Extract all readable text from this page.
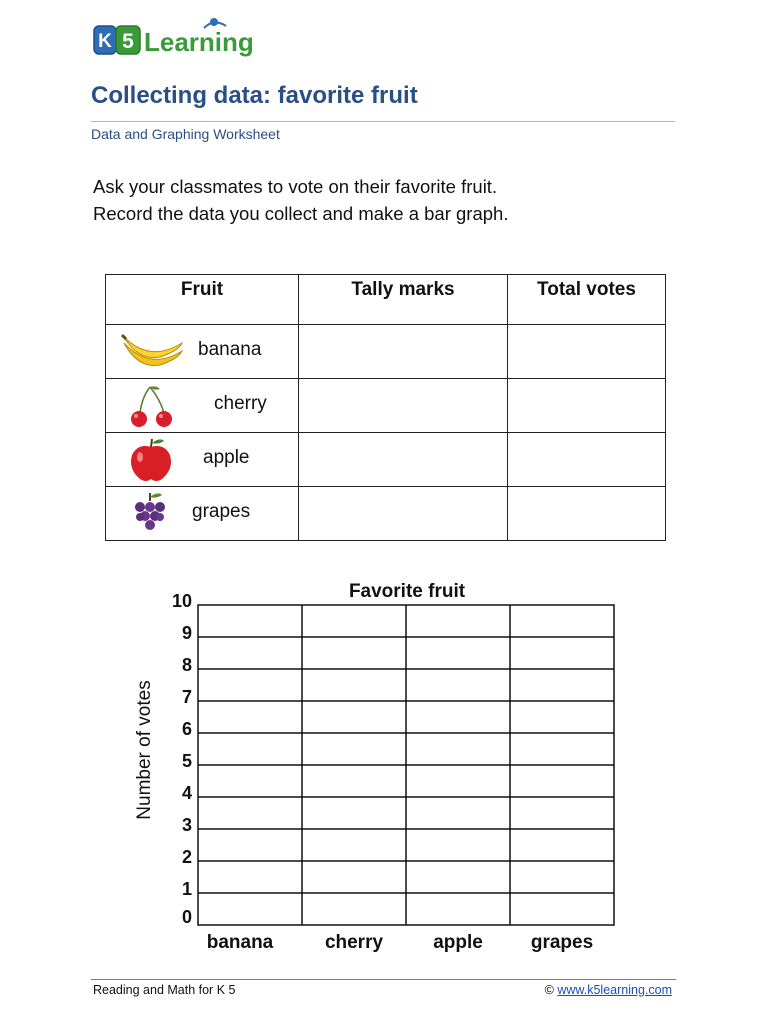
K 5 Learning
Collecting data: favorite fruit
Data and Graphing Worksheet
Ask your classmates to vote on their favorite fruit.
Record the data you collect and make a bar graph.
Fruit	Tally marks	Total votes

banana		

cherry		

apple		

grapes		

0
1
2
3
4
5
6
7
8
9
10
banana	cherry	apple	grapes
Favorite fruit
Number of votes
Reading and Math for K 5	© www.k5learning.com
